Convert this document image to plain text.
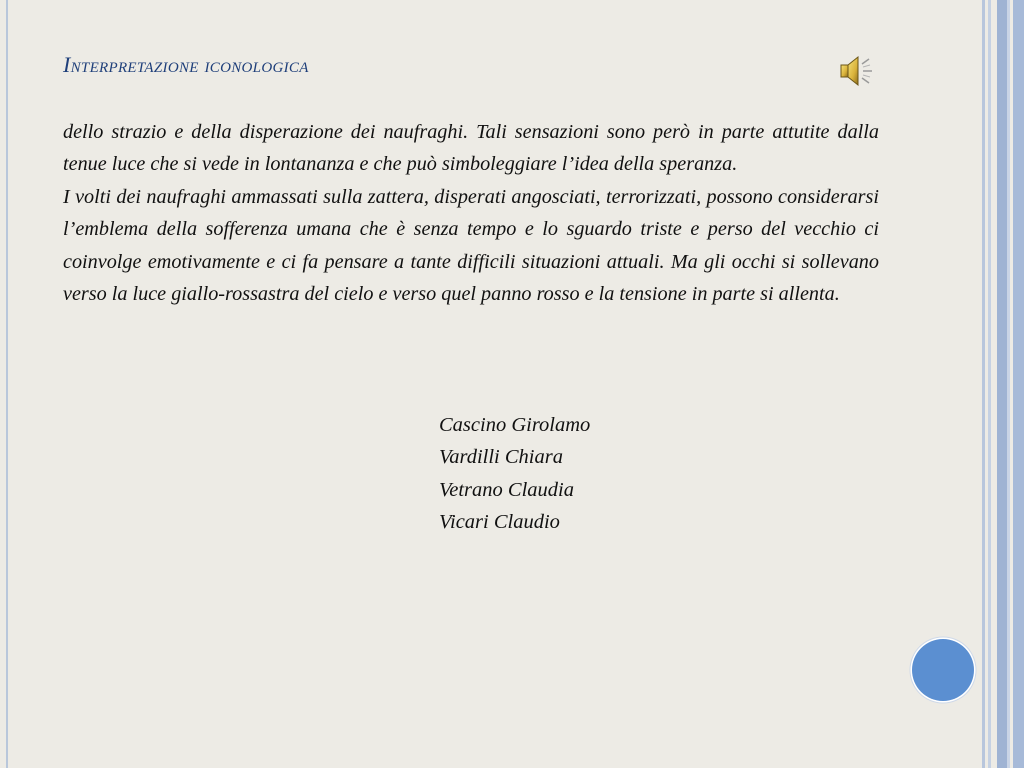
Interpretazione iconologica

dello strazio e della disperazione dei naufraghi. Tali sensazioni sono però in parte attutite dalla tenue luce che si vede in lontananza e che può simboleggiare l’idea della speranza.

I volti dei naufraghi ammassati sulla zattera, disperati angosciati, terrorizzati, possono considerarsi l’emblema della sofferenza umana che è senza tempo e lo sguardo triste e perso del vecchio ci coinvolge emotivamente e ci fa pensare a tante difficili situazioni attuali. Ma gli occhi si sollevano verso la luce giallo-rossastra del cielo e verso quel panno rosso e la tensione in parte si allenta.

Cascino Girolamo
Vardilli Chiara
Vetrano Claudia
Vicari Claudio
